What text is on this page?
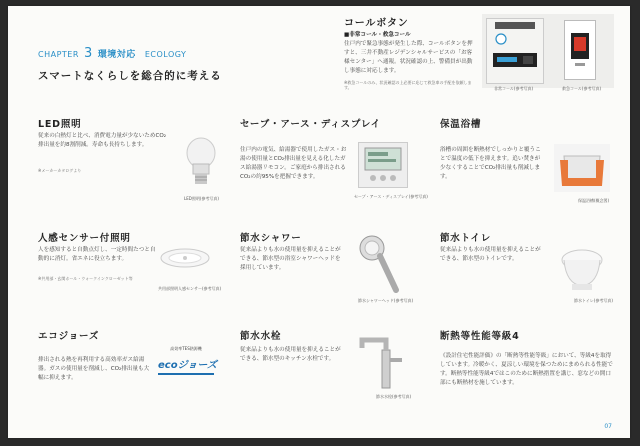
CHAPTER 3 環境対応 ECOLOGY
スマートなくらしを総合的に考える
コールボタン
■非常コール・救急コール
住戸内で緊急事態が発生した際、コールボタンを押すと、三井不動産レジデンシャルサービスの「お客様センター」へ通報。状況確認の上、警備員が出動し事態に対応します。
※救急コールのみ、状況確認の上必要に応じて救急車の手配を依頼します。	非常コール(参考写真)	救急コール(参考写真)
LED照明
従来の白熱灯と比べ、消費電力量が少ないためCO₂排出量を約8割削減。寿命も長持ちします。
※メーカーカタログより
LED照明(参考写真)
セーブ・アース・ディスプレイ
住戸内の電気、給湯器で使用したガス・お湯の使用量とCO₂排出量を見える化したガス給湯器リモコン。ご家庭から排出されるCO₂の約95%を把握できます。
セーブ・アース・ディスプレイ(参考写真)
保温浴槽
浴槽の周囲を断熱材でしっかりと覆うことで温度の低下を抑えます。追い焚きが少なくすることでCO₂排出量も削減します。
保温浴槽(概念図)
人感センサー付照明
人を感知すると自動点灯し、一定時間たつと自動的に消灯。省エネに役立ちます。
※共用部・玄関ホール・ウォークインクローゼット等
共用部照明人感センサー(参考写真)
節水シャワー
従来品よりも水の使用量を抑えることができる、節水型の浴室シャワーヘッドを採用しています。
節水シャワーヘッド(参考写真)
節水トイレ
従来品よりも水の使用量を抑えることができる、節水型のトイレです。
節水トイレ(参考写真)
エコジョーズ
排出される熱を再利用する高効率ガス給湯器。ガスの使用量を削減し、CO₂排出量も大幅に抑えます。
高効率TES熱源機
ecoジョーズ
節水水栓
従来品よりも水の使用量を抑えることができる、節水型のキッチン水栓です。
節水水栓(参考写真)
断熱等性能等級4
《設計住宅性能評価》の「断熱等性能等級」において、等級4を取得しています。冷暖かく、夏涼しい環境を保つためにまめられる性能です。断熱等性能等級4ではこのために断熱措置を講じ、窓などの開口部にも断熱材を施しています。
07
